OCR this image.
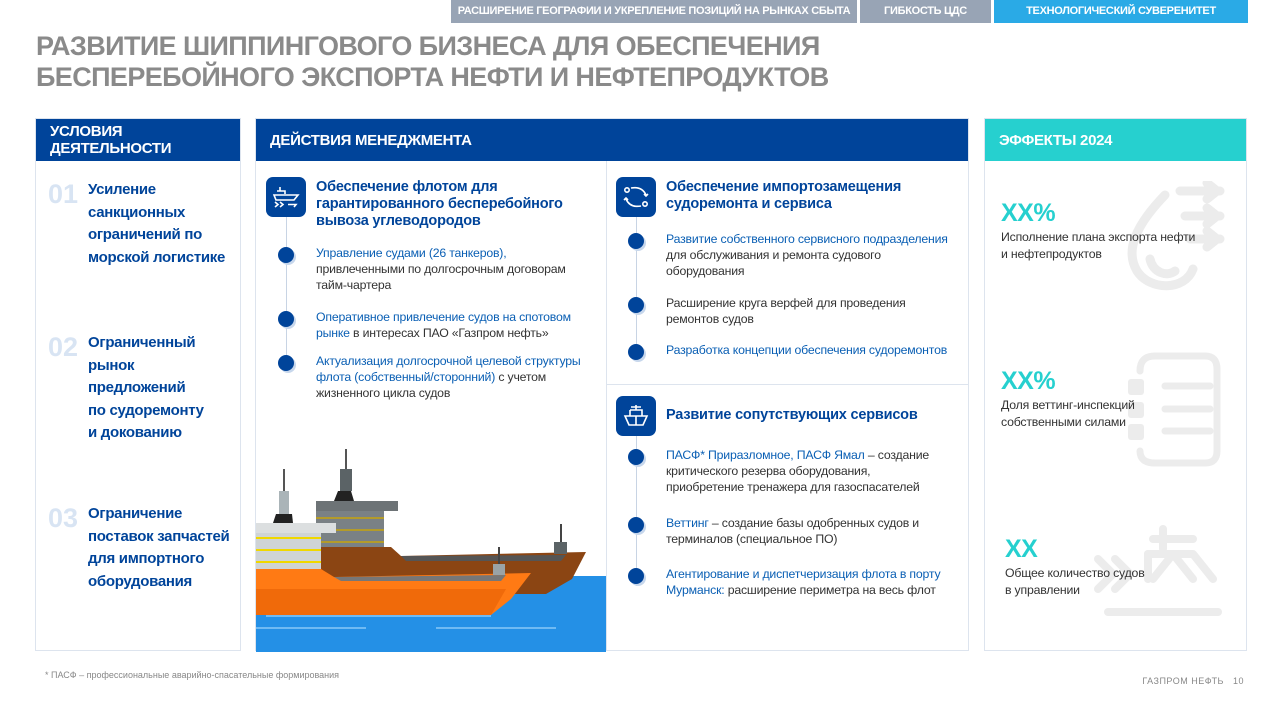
РАСШИРЕНИЕ ГЕОГРАФИИ И УКРЕПЛЕНИЕ ПОЗИЦИЙ НА РЫНКАХ СБЫТА	ГИБКОСТЬ ЦДС	ТЕХНОЛОГИЧЕСКИЙ СУВЕРЕНИТЕТ
РАЗВИТИЕ ШИППИНГОВОГО БИЗНЕСА ДЛЯ ОБЕСПЕЧЕНИЯ
БЕСПЕРЕБОЙНОГО ЭКСПОРТА НЕФТИ И НЕФТЕПРОДУКТОВ
УСЛОВИЯ
ДЕЯТЕЛЬНОСТИ
01 Усиление
санкционных
ограничений по
морской логистике
02 Ограниченный
рынок
предложений
по судоремонту
и докованию
03 Ограничение
поставок запчастей
для импортного
оборудования
ДЕЙСТВИЯ МЕНЕДЖМЕНТА
Обеспечение флотом для
гарантированного бесперебойного
вывоза углеводородов
Управление судами (26 танкеров), привлеченными по долгосрочным договорам тайм-чартера
Оперативное привлечение судов на спотовом рынке в интересах ПАО «Газпром нефть»
Актуализация долгосрочной целевой структуры флота (собственный/сторонний) с учетом жизненного цикла судов
Обеспечение импортозамещения
судоремонта и сервиса
Развитие собственного сервисного подразделения для обслуживания и ремонта судового оборудования
Расширение круга верфей для проведения ремонтов судов
Разработка концепции обеспечения судоремонтов
Развитие сопутствующих сервисов
ПАСФ* Приразломное, ПАСФ Ямал – создание критического резерва оборудования, приобретение тренажера для газоспасателей
Веттинг – создание базы одобренных судов и терминалов (специальное ПО)
Агентирование и диспетчеризация флота в порту Мурманск: расширение периметра на весь флот
ЭФФЕКТЫ 2024
XX%
Исполнение плана экспорта нефти
и нефтепродуктов
XX%
Доля веттинг-инспекций
собственными силами
XX
Общее количество судов
в управлении
* ПАСФ – профессиональные аварийно-спасательные формирования
ГАЗПРОМ НЕФТЬ 10
